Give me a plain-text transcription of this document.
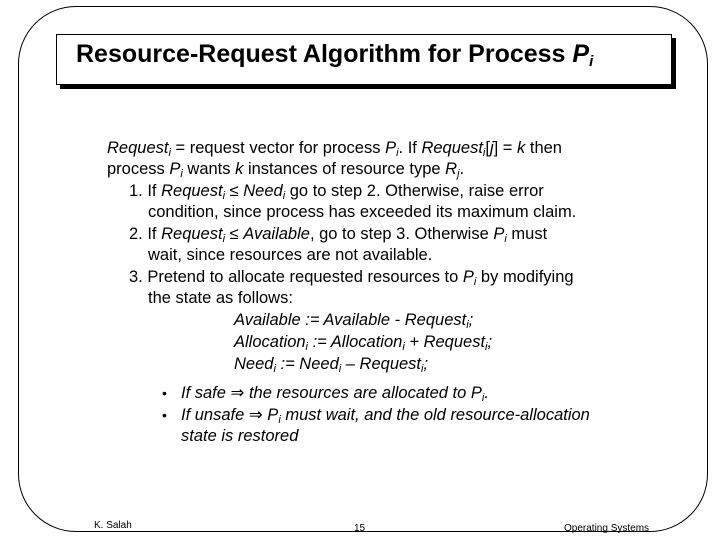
Resource-Request Algorithm for Process $P_i$
Request$_i$ = request vector for process $P_i$. If Request$_i$[j] = k then
process $P_i$ wants k instances of resource type $R_j$.
1. If Request$_i$ ≤ Need$_i$ go to step 2. Otherwise, raise error
condition, since process has exceeded its maximum claim.
2. If Request$_i$ ≤ Available, go to step 3. Otherwise $P_i$ must
wait, since resources are not available.
3. Pretend to allocate requested resources to $P_i$ by modifying
the state as follows:
Available := Available - Request$_i$;
Allocation$_i$ := Allocation$_i$ + Request$_i$;
Need$_i$ := Need$_i$ – Request$_i$;
• If safe ⇒ the resources are allocated to $P_i$.
• If unsafe ⇒ $P_i$ must wait, and the old resource-allocation
state is restored
K. Salah	15	Operating Systems
